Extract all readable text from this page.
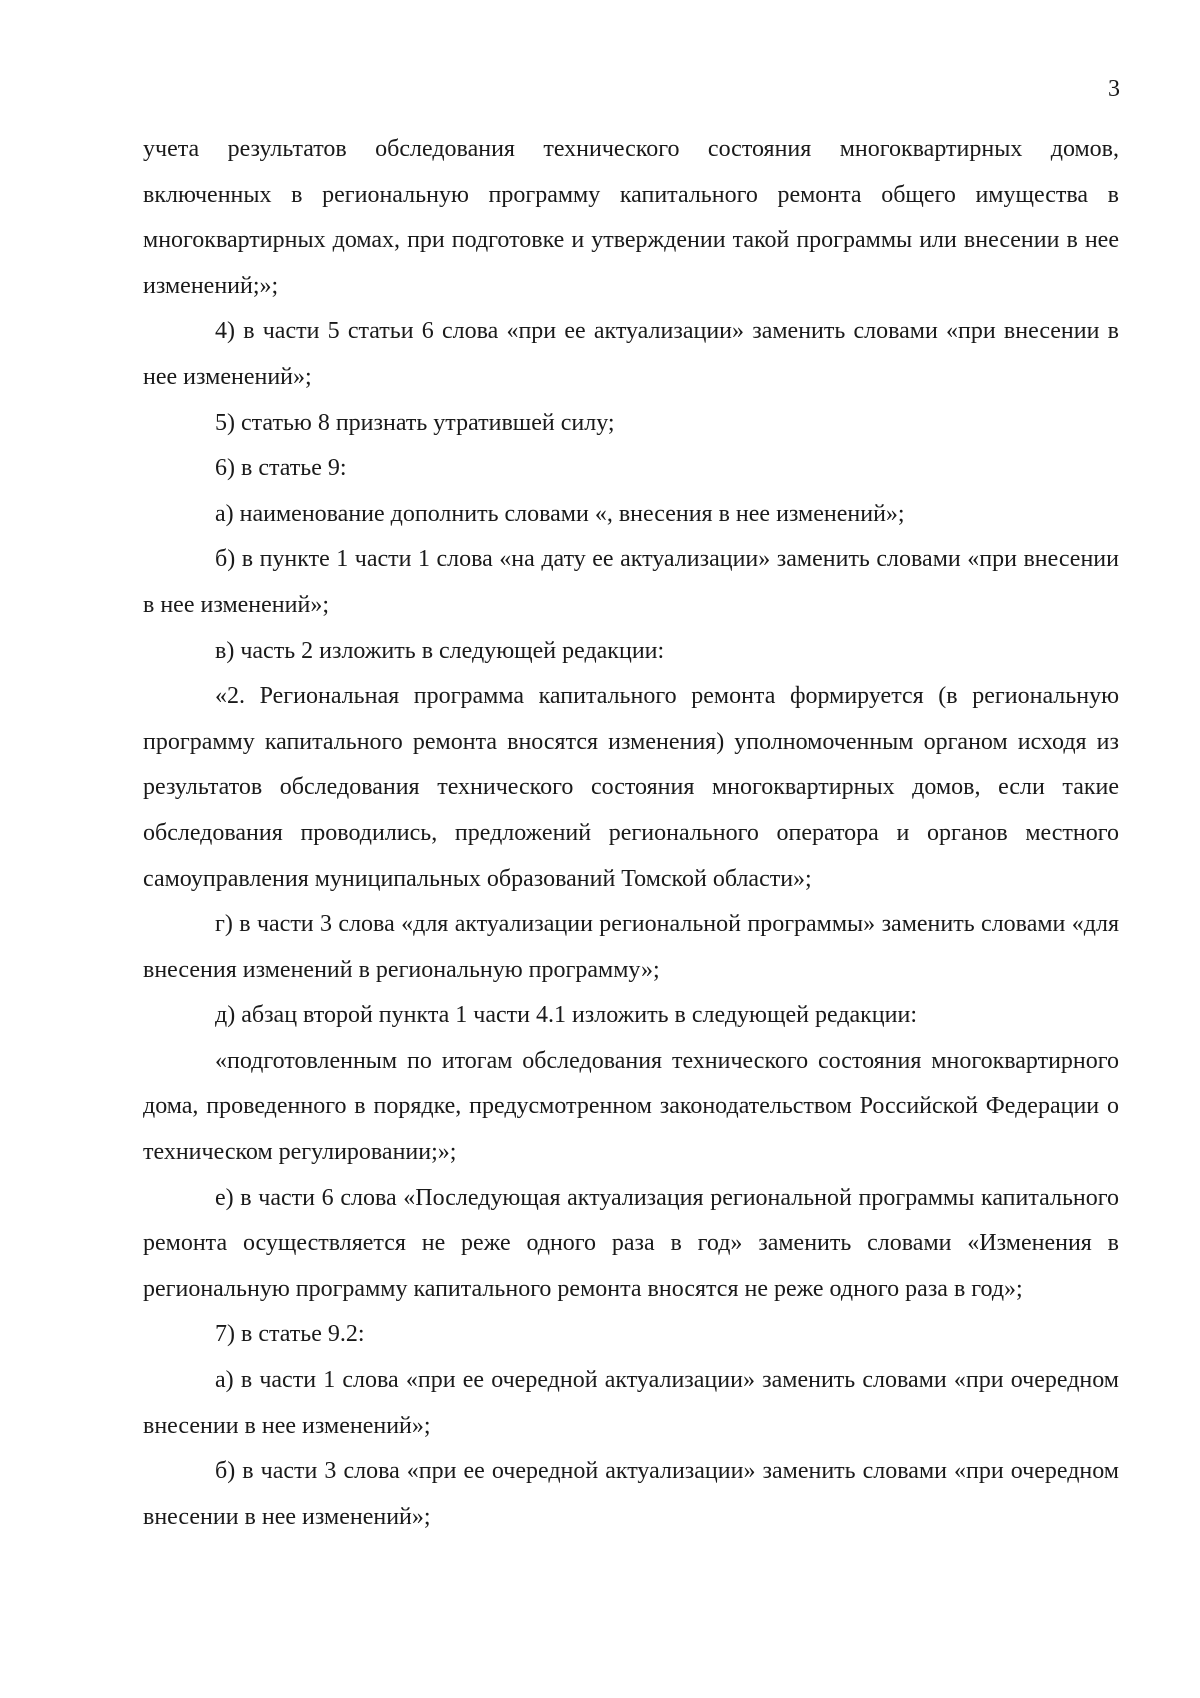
3

учета результатов обследования технического состояния многоквартирных домов, включенных в региональную программу капитального ремонта общего имущества в многоквартирных домах, при подготовке и утверждении такой программы или внесении в нее изменений;»;

4) в части 5 статьи 6 слова «при ее актуализации» заменить словами «при внесении в нее изменений»;

5) статью 8 признать утратившей силу;

6) в статье 9:

а) наименование дополнить словами «, внесения в нее изменений»;

б) в пункте 1 части 1 слова «на дату ее актуализации» заменить словами «при внесении в нее изменений»;

в) часть 2 изложить в следующей редакции:

«2. Региональная программа капитального ремонта формируется (в региональную программу капитального ремонта вносятся изменения) уполномоченным органом исходя из результатов обследования технического состояния многоквартирных домов, если такие обследования проводились, предложений регионального оператора и органов местного самоуправления муниципальных образований Томской области»;

г) в части 3 слова «для актуализации региональной программы» заменить словами «для внесения изменений в региональную программу»;

д) абзац второй пункта 1 части 4.1 изложить в следующей редакции:

«подготовленным по итогам обследования технического состояния многоквартирного дома, проведенного в порядке, предусмотренном законодательством Российской Федерации о техническом регулировании;»;

е) в части 6 слова «Последующая актуализация региональной программы капитального ремонта осуществляется не реже одного раза в год» заменить словами «Изменения в региональную программу капитального ремонта вносятся не реже одного раза в год»;

7) в статье 9.2:

а) в части 1 слова «при ее очередной актуализации» заменить словами «при очередном внесении в нее изменений»;

б) в части 3 слова «при ее очередной актуализации» заменить словами «при очередном внесении в нее изменений»;
